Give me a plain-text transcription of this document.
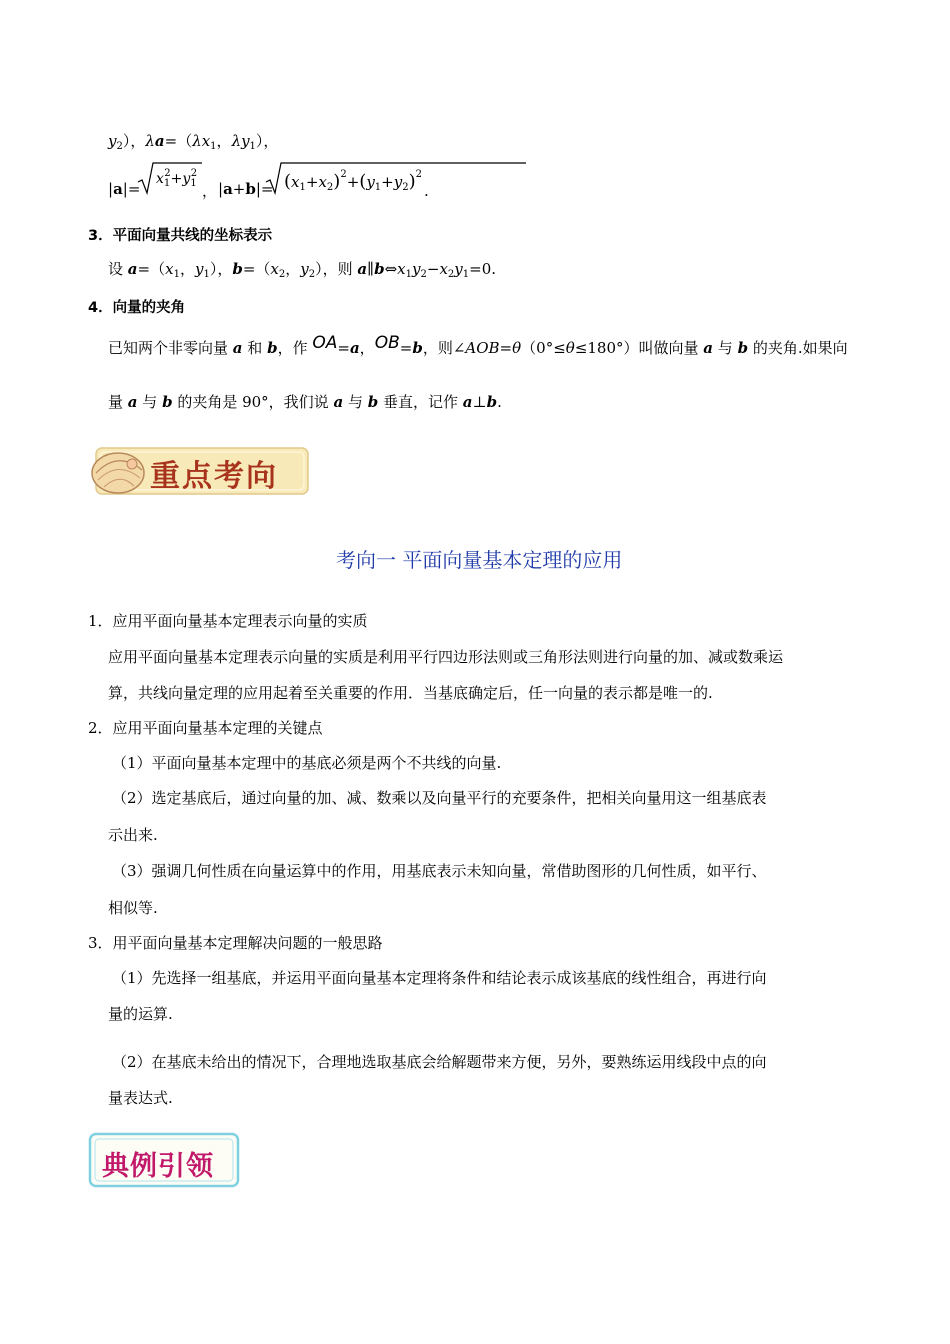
$y_2$），$\lambda a=(\lambda x_1$，$\lambda y_1$），
|a|=
$x_1^2+y_1^2$
， $|a+b|= (x_1+x_2)^2+(y_1+y_2)^2$
.
3．平面向量共线的坐标表示
设 $a=(x_1$，$y_1$），$b=(x_2$，$y_2$），则 $a\parallel b\Leftrightarrow x_1y_2-x_2y_1=0$.
4．向量的夹角
已知两个非零向量 a 和 b，作 OA=a，OB=b，则∠AOB=θ（0°≤θ≤180°）叫做向量 a 与 b 的夹角.如果向
量 a 与 b 的夹角是 90°，我们说 a 与 b 垂直，记作 a⊥b.
重点考向
考向一 平面向量基本定理的应用
1．应用平面向量基本定理表示向量的实质
应用平面向量基本定理表示向量的实质是利用平行四边形法则或三角形法则进行向量的加、减或数乘运
算，共线向量定理的应用起着至关重要的作用．当基底确定后，任一向量的表示都是唯一的.
2．应用平面向量基本定理的关键点
（1）平面向量基本定理中的基底必须是两个不共线的向量.
（2）选定基底后，通过向量的加、减、数乘以及向量平行的充要条件，把相关向量用这一组基底表
示出来.
（3）强调几何性质在向量运算中的作用，用基底表示未知向量，常借助图形的几何性质，如平行、
相似等.
3．用平面向量基本定理解决问题的一般思路
（1）先选择一组基底，并运用平面向量基本定理将条件和结论表示成该基底的线性组合，再进行向
量的运算.
（2）在基底未给出的情况下，合理地选取基底会给解题带来方便，另外，要熟练运用线段中点的向
量表达式.
典例引领
